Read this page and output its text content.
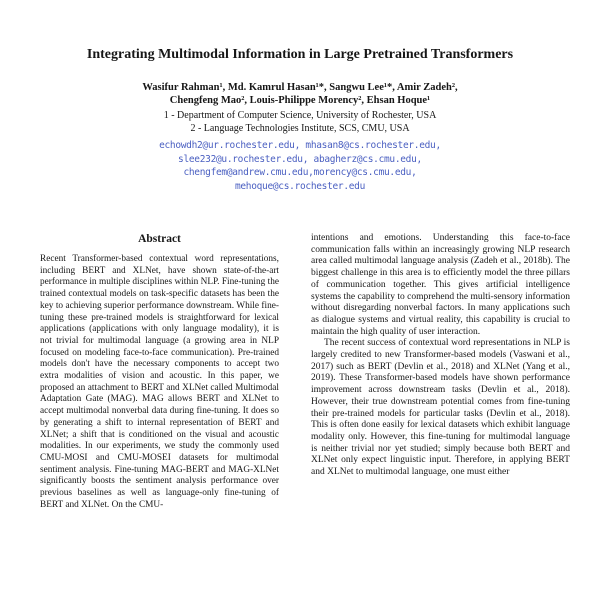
Integrating Multimodal Information in Large Pretrained Transformers
Wasifur Rahman¹, Md. Kamrul Hasan¹*, Sangwu Lee¹*, Amir Zadeh²,
Chengfeng Mao², Louis-Philippe Morency², Ehsan Hoque¹
1 - Department of Computer Science, University of Rochester, USA
2 - Language Technologies Institute, SCS, CMU, USA
echowdh2@ur.rochester.edu, mhasan8@cs.rochester.edu,
slee232@u.rochester.edu, abagherz@cs.cmu.edu,
chengfem@andrew.cmu.edu,morency@cs.cmu.edu,
mehoque@cs.rochester.edu
Abstract

Recent Transformer-based contextual word representations, including BERT and XLNet, have shown state-of-the-art performance in multiple disciplines within NLP. Fine-tuning the trained contextual models on task-specific datasets has been the key to achieving superior performance downstream. While fine-tuning these pre-trained models is straightforward for lexical applications (applications with only language modality), it is not trivial for multimodal language (a growing area in NLP focused on modeling face-to-face communication). Pre-trained models don't have the necessary components to accept two extra modalities of vision and acoustic. In this paper, we proposed an attachment to BERT and XLNet called Multimodal Adaptation Gate (MAG). MAG allows BERT and XLNet to accept multimodal nonverbal data during fine-tuning. It does so by generating a shift to internal representation of BERT and XLNet; a shift that is conditioned on the visual and acoustic modalities. In our experiments, we study the commonly used CMU-MOSI and CMU-MOSEI datasets for multimodal sentiment analysis. Fine-tuning MAG-BERT and MAG-XLNet significantly boosts the sentiment analysis performance over previous baselines as well as language-only fine-tuning of BERT and XLNet. On the CMU-

intentions and emotions. Understanding this face-to-face communication falls within an increasingly growing NLP research area called multimodal language analysis (Zadeh et al., 2018b). The biggest challenge in this area is to efficiently model the three pillars of communication together. This gives artificial intelligence systems the capability to comprehend the multi-sensory information without disregarding nonverbal factors. In many applications such as dialogue systems and virtual reality, this capability is crucial to maintain the high quality of user interaction.

The recent success of contextual word representations in NLP is largely credited to new Transformer-based models (Vaswani et al., 2017) such as BERT (Devlin et al., 2018) and XLNet (Yang et al., 2019). These Transformer-based models have shown performance improvement across downstream tasks (Devlin et al., 2018). However, their true downstream potential comes from fine-tuning their pre-trained models for particular tasks (Devlin et al., 2018). This is often done easily for lexical datasets which exhibit language modality only. However, this fine-tuning for multimodal language is neither trivial nor yet studied; simply because both BERT and XLNet only expect linguistic input. Therefore, in applying BERT and XLNet to multimodal language, one must either
